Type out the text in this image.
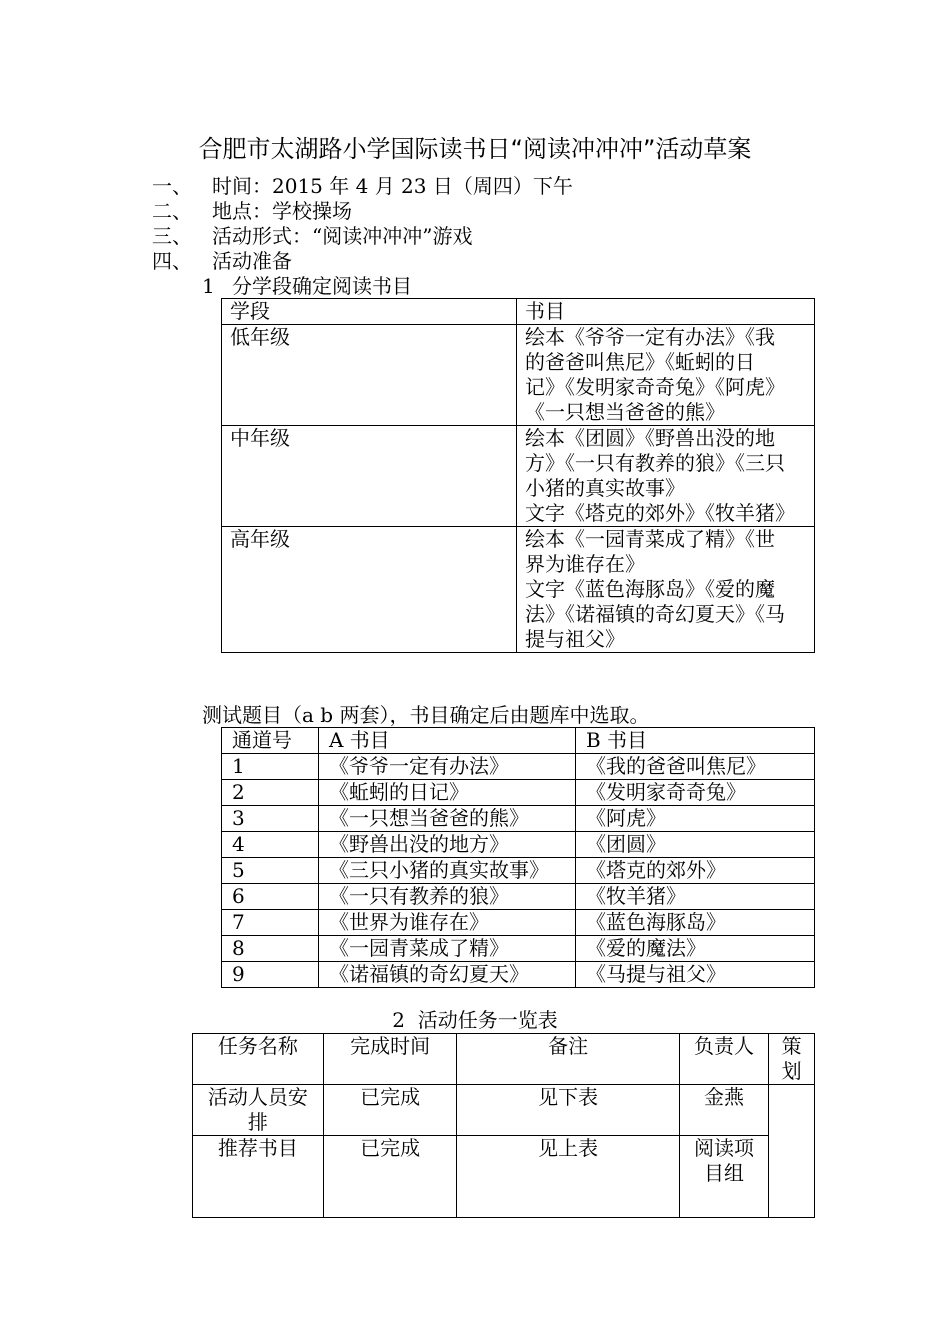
合肥市太湖路小学国际读书日“阅读冲冲冲”活动草案
一、 时间：2015 年 4 月 23 日（周四）下午
二、 地点：学校操场
三、 活动形式：“阅读冲冲冲”游戏
四、 活动准备
1 分学段确定阅读书目
学段	书目
低年级	绘本《爷爷一定有办法》《我
的爸爸叫焦尼》《蚯蚓的日
记》《发明家奇奇兔》《阿虎》
《一只想当爸爸的熊》

中年级	绘本《团圆》《野兽出没的地
方》《一只有教养的狼》《三只
小猪的真实故事》
文字《塔克的郊外》《牧羊猪》

高年级	绘本《一园青菜成了精》《世
界为谁存在》
文字《蓝色海豚岛》《爱的魔
法》《诺福镇的奇幻夏天》《马
提与祖父》
测试题目（a b 两套），书目确定后由题库中选取。
通道号	A 书目	B 书目
1	《爷爷一定有办法》	《我的爸爸叫焦尼》
2	《蚯蚓的日记》	《发明家奇奇兔》
3	《一只想当爸爸的熊》	《阿虎》
4	《野兽出没的地方》	《团圆》
5	《三只小猪的真实故事》	《塔克的郊外》
6	《一只有教养的狼》	《牧羊猪》
7	《世界为谁存在》	《蓝色海豚岛》
8	《一园青菜成了精》	《爱的魔法》
9	《诺福镇的奇幻夏天》	《马提与祖父》
2 活动任务一览表
任务名称	完成时间	备注	负责人	策划
活动人员安排	已完成	见下表	金燕	
推荐书目	已完成	见上表	阅读项目组	
